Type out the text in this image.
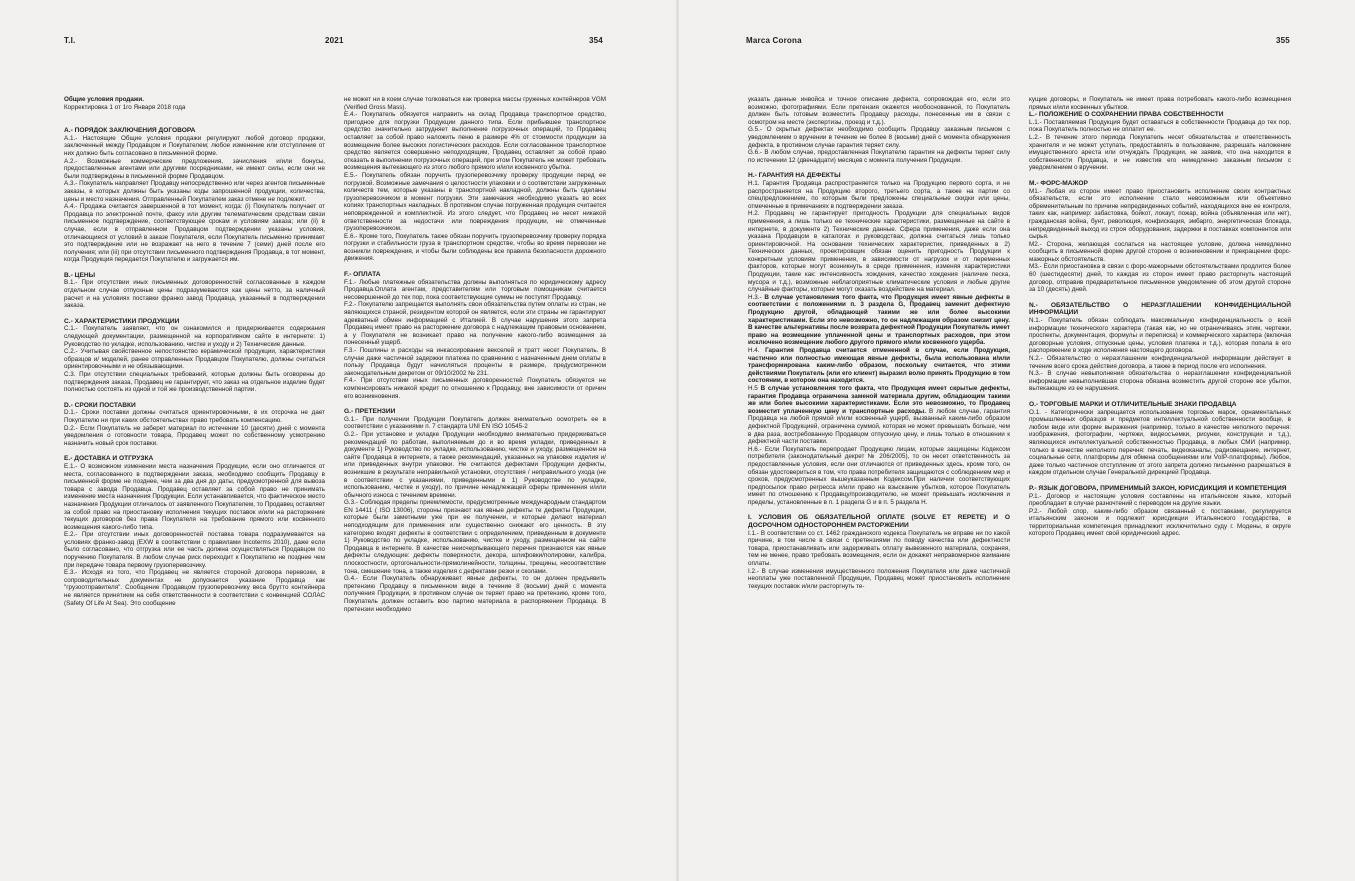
T.I.	2021	354	Marca Corona	355

Общие условия продажи.

Корректировка 1 от 1го Января 2018 года

A.- ПОРЯДОК ЗАКЛЮЧЕНИЯ ДОГОВОРА

A.1.- Настоящие Общие условия продажи регулируют любой договор продажи, заключенный между Продавцом и Покупателем; любое изменение или отступление от них должно быть согласовано в письменной форме.

A.2.- Возможные коммерческие предложения, зачисления и/или бонусы, предоставленные агентами или другими посредниками, не имеют силы, если они не были подтверждены в письменной форме Продавцом.

A.3.- Покупатель направляет Продавцу непосредственно или через агентов письменные заказы, в которых должны быть указаны коды запрошенной продукции, количества, цены и место назначения. Отправленный Покупателем заказ отмене не подлежит.

A.4.- Продажа считается завершенной в тот момент, когда: (i) Покупатель получает от Продавца по электронной почте, факсу или другим телематическим средствам связи письменное подтверждение, соответствующее срокам и условиям заказа; или (ii) в случае, если в отправленном Продавцом подтверждении указаны условия, отличающиеся от условий в заказе Покупателя, если Покупатель письменно принимает это подтверждение или не возражает на него в течение 7 (семи) дней после его получения; или (iii) при отсутствии письменного подтверждения Продавца, в тот момент, когда Продукция передается Покупателю и загружается им.

B.- ЦЕНЫ

B.1.- При отсутствии иных письменных договоренностей согласованные в каждом отдельном случае отпускные цены подразумеваются как цены нетто, за наличный расчет и на условиях поставки франко завод Продавца, указанный в подтверждении заказа.

C.- ХАРАКТЕРИСТИКИ ПРОДУКЦИИ

C.1.- Покупатель заявляет, что он ознакомился и придерживается содержания следующей документации, размещенной на корпоративном сайте в интернете: 1) Руководство по укладке, использованию, чистке и уходу и 2) Технические данные.

C.2.- Учитывая свойственное непостоянство керамической продукции, характеристики образцов и/ моделей, ранее отправленных Продавцом Покупателю, должны считаться ориентировочными и не обязывающими.

C.3. При отсутствии специальных требований, которые должны быть оговорены до подтверждения заказа, Продавец не гарантирует, что заказ на отдельное изделие будет полностью состоять из одной и той же производственной партии.

D.- СРОКИ ПОСТАВКИ

D.1.- Сроки поставки должны считаться ориентировочными, в их отсрочка не дает Покупателю ни при каких обстоятельствах право требовать компенсацию.

D.2.- Если Покупатель не заберет материал по истечении 10 (десяти) дней с момента уведомления о готовности товара, Продавец может по собственному усмотрению назначить новый срок поставки.

E.- ДОСТАВКА И ОТГРУЗКА

E.1.- О возможном изменении места назначения Продукции, если оно отличается от места, согласованного в подтверждении заказа, необходимо сообщить Продавцу в письменной форме не позднее, чем за два дня до даты, предусмотренной для вывоза товара с завода Продавца. Продавец оставляет за собой право не принимать изменение места назначения Продукции. Если устанавливается, что фактическое место назначения Продукции отличалось от заявленного Покупателем, то Продавец оставляет за собой право на приостановку исполнения текущих поставок и/или на расторжение текущих договоров без права Покупателя на требование прямого или косвенного возмещения какого-либо типа.

E.2.- При отсутствии иных договоренностей поставка товара подразумевается на условиях франко-завод (EXW в соответствии с правилами Incoterms 2010), даже если было согласовано, что отгрузка или ее часть должна осуществляться Продавцом по поручению Покупателя. В любом случае риск переходит к Покупателю не позднее чем при передаче товара первому грузоперевозчику.

E.3.- Исходя из того, что Продавец не является стороной договора перевозки, в сопроводительных документах не допускается указание Продавца как "грузоотправителя". Сообщение Продавцом грузоперевозчику веса брутто контейнера не является принятием на себя ответственности в соответствии с конвенцией СОЛАС (Safety Of Life At Sea). Это сообщение

не может ни в коем случае толковаться как проверка массы груженых контейнеров VGM (Verified Gross Mass).

E.4.- Покупатель обязуется направить на склад Продавца транспортное средство, пригодное для погрузки Продукции данного типа. Если прибывшее транспортное средство значительно затрудняет выполнение погрузочных операций, то Продавец оставляет за собой право наложить пеню в размере 4% от стоимости продукции за возмещение более высоких логистических расходов. Если согласованное транспортное средство является совершенно неподходящим, Продавец оставляет за собой право отказать в выполнении погрузочных операций, при этом Покупатель не может требовать возмещения вытекающего из этого любого прямого и/или косвенного убытка.

E.5.- Покупатель обязан поручить грузоперевозчику проверку продукции перед ее погрузкой. Возможные замечания о целостности упаковки и о соответствии загруженных количеств тем, которые указаны в транспортной накладной, должны быть сделаны грузоперевозчиком в момент погрузки. Эти замечания необходимо указать во всех копиях транспортных накладных. В противном случае погруженная продукция считается неповрежденной и комплектной. Из этого следует, что Продавец не несет никакой ответственности за недостачи или повреждения продукции, не отмеченные грузоперевозчиком.

E.6.- Кроме того, Покупатель также обязан поручить грузоперевозчику проверку порядка погрузки и стабильности груза в транспортном средстве, чтобы во время перевозки не возникли повреждения, и чтобы были соблюдены все правила безопасности дорожного движения.

F.- ОПЛАТА

F.1.- Любые платежные обязательства должны выполняться по юридическому адресу Продавца.Оплата агентам, представителям или торговым помощникам считается несовершенной до тех пор, пока соответствующие суммы не поступят Продавцу.

F.2.- Покупателю запрещается выполнять свои обязательства путем оплаты из стран, не являющихся страной, резидентом которой он является, если эти страны не гарантируют адекватный обмен информацией с Италией. В случае нарушения этого запрета Продавец имеет право на расторжение договора с надлежащим правовым основанием, а у Покупателя не возникает право на получение какого-либо возмещения за понесенный ущерб.

F.3.- Пошлины и расходы на инкассирование векселей и тратт несет Покупатель. В случае даже частичной задержки платежа по сравнению с назначенным днем оплаты в пользу Продавца будут начисляться проценты в размере, предусмотренном законодательным декретом от 09/10/2002 № 231.

F.4.- При отсутствии иных письменных договоренностей Покупатель обязуется не компенсировать никакой кредит по отношению к Продавцу, вне зависимости от причин его возникновения.

G.- ПРЕТЕНЗИИ

G.1.- При получении Продукции Покупатель должен внимательно осмотреть ее в соответствии с указаниями п. 7 стандарта UNI EN ISO 10545-2

G.2.- При установке и укладке Продукции необходимо внимательно придерживаться рекомендаций по работам, выполняемым до и во время укладки, приведенных в документе 1) Руководство по укладке, использованию, чистке и уходу, размещенном на сайте Продавца в интернете, а также рекомендаций, указанных на упаковке изделия и/или приведенных внутри упаковки. Не считаются дефектами Продукции дефекты, возникшие в результате неправильной установки, отсутствия / неправильного ухода (не в соответствии с указаниями, приведенными в 1) Руководстве по укладке, использованию, чистке и уходу), по причине ненадлежащей сферы применения и/или обычного износа с течением времени.

G.3.- Соблюдая пределы приемлемости, предусмотренные международным стандартом EN 14411 ( ISO 13006), стороны признают как явные дефекты те дефекты Продукции, которые были заметными уже при ее получении, и которые делают материал неподходящим для применения или существенно снижают его ценность. В эту категорию входят дефекты в соответствии с определением, приведенным в документе 1) Руководство по укладке, использованию, чистке и уходу, размещенном на сайте Продавца в интернете. В качестве неисчерпывающего перечня признаются как явные дефекты следующие: дефекты поверхности, декора, шлифовки/полировки, калибра, плоскостности, ортогональности-прямолинейности, толщины, трещины, несоответствие тона, смешение тона, а также изделия с дефектами резки и сколами.

G.4.- Если Покупатель обнаруживает явные дефекты, то он должен предъявить претензию Продавцу в письменном виде в течение 8 (восьми) дней с момента получения Продукции, в противном случае он теряет право на претензию, кроме того, Покупатель должен оставить всю партию материала в распоряжении Продавца. В претензии необходимо

указать данные инвойса и точное описание дефекта, сопровождая его, если это возможно, фотографиями. Если претензия окажется необоснованной, то Покупатель должен быть готовым возместить Продавцу расходы, понесенные им в связи с осмотром на месте (экспертизы, проезд и т.д.).

G.5.- О скрытых дефектах необходимо сообщить Продавцу заказным письмом с уведомлением о вручении в течение не более 8 (восьми) дней с момента обнаружения дефекта, в противном случае гарантия теряет силу.

G.6.- В любом случае, предоставленная Покупателю гарантия на дефекты теряет силу по истечении 12 (двенадцати) месяцев с момента получения Продукции.

H.- ГАРАНТИЯ НА ДЕФЕКТЫ

H.1. Гарантия Продавца распространяется только на Продукцию первого сорта, и не распространяется на Продукцию второго, третьего сорта, а также на партии со спецпредложением, по которым были предложены специальные скидки или цены, отмеченные в примечаниях в подтверждении заказа.

H.2. Продавец не гарантирует пригодность Продукции для специальных видов применения, а лишь только ее технические характеристики, размещенные на сайте в интернете, в документе 2) Технические данные. Сфера применения, даже если она указана Продавцом в каталогах и руководствах, должна считаться лишь только ориентировочной. На основании технических характеристик, приведенных в 2) Технических данных, проектировщик обязан оценить пригодность Продукции к конкретным условиям применения, в зависимости от нагрузок и от переменных факторов, которые могут возникнуть в среде применения, изменяя характеристики Продукции, такие как: интенсивность хождения, качество хождения (наличие песка, мусора и т.д.), возможные неблагоприятные климатические условия и любые другие случайные факторы, которые могут оказать воздействие на материал.

H.3.- В случае установления того факта, что Продукция имеет явные дефекты в соответствии с положениями п. 3 раздела G, Продавец заменит дефектную Продукцию другой, обладающей такими же или более высокими характеристиками. Если это невозможно, то он надлежащим образом снизит цену. В качестве альтернативы после возврата дефектной Продукции Покупатель имеет право на возмещение уплаченной цены и транспортных расходов, при этом исключено возмещение любого другого прямого и/или косвенного ущерба.

H.4. Гарантия Продавца считается отмененной в случае, если Продукция, частично или полностью имеющая явные дефекты, была использована и/или трансформирована каким-либо образом, поскольку считается, что этими действиями Покупатель (или его клиент) выразил волю принять Продукцию в том состоянии, в котором она находится.

H.5 В случае установления того факта, что Продукция имеет скрытые дефекты, гарантия Продавца ограничена заменой материала другим, обладающим такими же или более высокими характеристиками. Если это невозможно, то Продавец возместит уплаченную цену и транспортные расходы. В любом случае, гарантия Продавца на любой прямой и/или косвенный ущерб, вызванный каким-либо образом дефектной Продукцией, ограничена суммой, которая не может превышать больше, чем в два раза, востребованную Продавцом отпускную цену, и лишь только в отношении к дефектной части поставки.

H.6.- Если Покупатель перепродает Продукцию лицам, которые защищены Кодексом потребителя (законодательный декрет № 206/2005), то он несет ответственность за предоставленные условия, если они отличаются от приведенных здесь, кроме того, он обязан удостовериться в том, что права потребителя защищаются с соблюдением мер и сроков, предусмотренных вышеуказанным Кодексом.При наличии соответствующих предпосылок право регресса и/или право на взыскание убытков, которое Покупатель имеет по отношению к Продавцу/производителю, не может превышать исключения и пределы, установленные в п. 1 раздела G и в п. 5 раздела H.

I. УСЛОВИЯ ОБ ОБЯЗАТЕЛЬНОЙ ОПЛАТЕ (SOLVE ET REPETE) И О ДОСРОЧНОМ ОДНОСТОРОННЕМ РАСТОРЖЕНИИ

I.1.- В соответствии со ст. 1462 гражданского кодекса Покупатель не вправе ни по какой причине, в том числе в связи с претензиями по поводу качества или дефектности товара, приостанавливать или задерживать оплату вывезенного материала, сохраняя, тем не менее, право требовать возмещения, если он докажет неправомерное взимание оплаты.

I.2.- В случае изменения имущественного положения Покупателя или даже частичной неоплаты уже поставленной Продукции, Продавец может приостановить исполнение текущих поставок и/или расторгнуть те-

кущие договоры, и Покупатель не имеет права потребовать какого-либо возмещения прямых и/или косвенных убытков.

L.- ПОЛОЖЕНИЕ О СОХРАНЕНИИ ПРАВА СОБСТВЕННОСТИ

L.1.- Поставляемая Продукция будет оставаться в собственности Продавца до тех пор, пока Покупатель полностью не оплатит ее.

L.2.- В течение этого периода Покупатель несет обязательства и ответственность хранителя и не может уступать, предоставлять в пользование, разрешать наложение имущественного ареста или отчуждать Продукции, не заявив, что она находится в собственности Продавца, и не известив его немедленно заказным письмом с уведомлением о вручении.

M.- ФОРС-МАЖОР

M1.- Любая из сторон имеет право приостановить исполнение своих контрактных обязательств, если это исполнение стало невозможным или объективно обременительным по причине непредвиденных событий, находящихся вне ее контроля, таких как, например: забастовка, бойкот, локаут, пожар, война (объявленная или нет), гражданская война, бунт, революция, конфискация, эмбарго, энергетическая блокада, непредвиденный выход из строя оборудования, задержки в поставках компонентов или сырья.

M2.- Сторона, желающая сослаться на настоящее условие, должна немедленно сообщить в письменной форме другой стороне о возникновении и прекращении форс-мажорных обстоятельств.

M3.- Если приостановка в связи с форс-мажорными обстоятельствами продлится более 60 (шестидесяти) дней, то каждая из сторон имеет право расторгнуть настоящий договор, отправив предварительное письменное уведомление об этом другой стороне за 10 (десять) дней.

N.- ОБЯЗАТЕЛЬСТВО О НЕРАЗГЛАШЕНИИ КОНФИДЕНЦИАЛЬНОЙ ИНФОРМАЦИИ

N.1.- Покупатель обязан соблюдать максимальную конфиденциальность о всей информации технического характера (такая как, но не ограничиваясь этим, чертежи, проспекты, документация, формулы и переписка) и коммерческого характера (включая договорные условия, отпускные цены, условия платежа и т.д.), которая попала в его распоряжение в ходе исполнения настоящего договора.

N.2.- Обязательство о неразглашении конфиденциальной информации действует в течение всего срока действия договора, а также в период после его исполнения.

N.3.- В случае невыполнения обязательства о неразглашении конфиденциальной информации невыполнившая сторона обязана возместить другой стороне все убытки, вытекающие из ее нарушения.

O.- ТОРГОВЫЕ МАРКИ И ОТЛИЧИТЕЛЬНЫЕ ЗНАКИ ПРОДАВЦА

O.1. - Категорически запрещается использование торговых марок, орнаментальных промышленных образцов и предметов интеллектуальной собственности вообще, в любом виде или форме выражения (например, только в качестве неполного перечня: изображения, фотографии, чертежи, видеосъемки, рисунки, конструкции и т.д.), являющихся интеллектуальной собственностью Продавца, в любых СМИ (например, только в качестве неполного перечня: печать, видеоканалы, радиовещание, интернет, социальные сети, платформы для обмена сообщениями или VoIP-платформы). Любое, даже только частичное отступление от этого запрета должно письменно разрешаться в каждом отдельном случае Генеральной дирекцией Продавца.

P.- ЯЗЫК ДОГОВОРА, ПРИМЕНИМЫЙ ЗАКОН, ЮРИСДИКЦИЯ И КОМПЕТЕНЦИЯ

P.1.- Договор и настоящие условия составлены на итальянском языке, который преобладает в случае разночтений с переводом на другие языки.

P.2.- Любой спор, каким-либо образом связанный с поставками, регулируется итальянским законом и подлежит юрисдикции Итальянского государства, в территориальная компетенция принадлежит исключительно суду г. Модены, в округе которого Продавец имеет свой юридический адрес.
